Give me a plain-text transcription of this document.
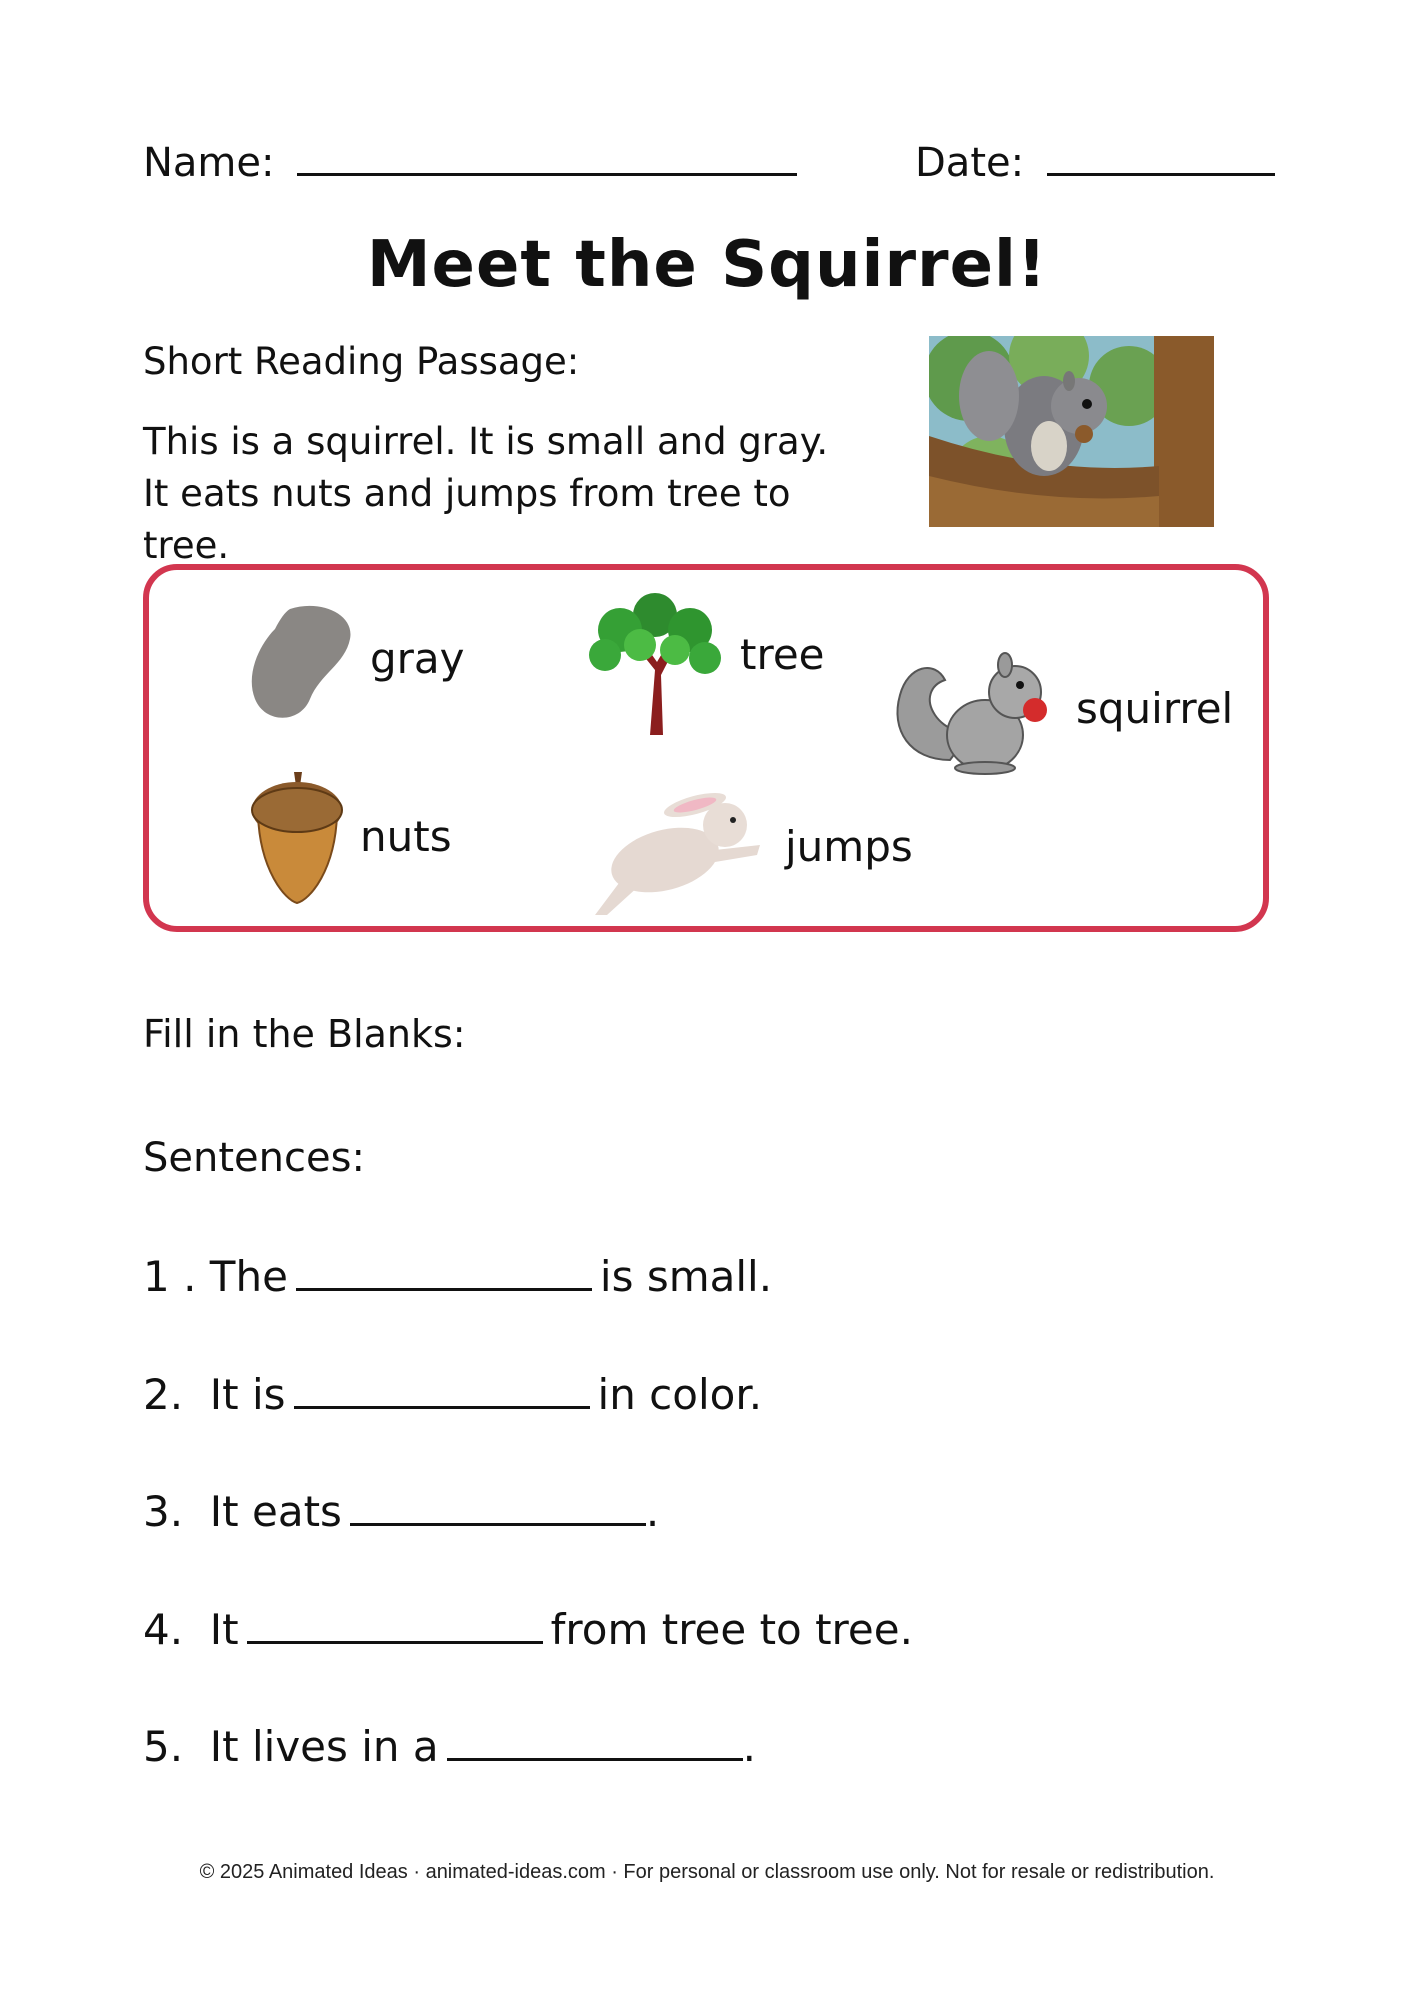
Name:	Date:
Meet the Squirrel!
Short Reading Passage:
This is a squirrel. It is small and gray. It eats nuts and jumps from tree to tree.
gray	tree
squirrel
nuts	jumps
Fill in the Blanks:
Sentences:
1 . The	is small.
2. It is	in color.
3. It eats	.
4. It	from tree to tree.
5. It lives in a	.
© 2025 Animated Ideas · animated-ideas.com · For personal or classroom use only. Not for resale or redistribution.
